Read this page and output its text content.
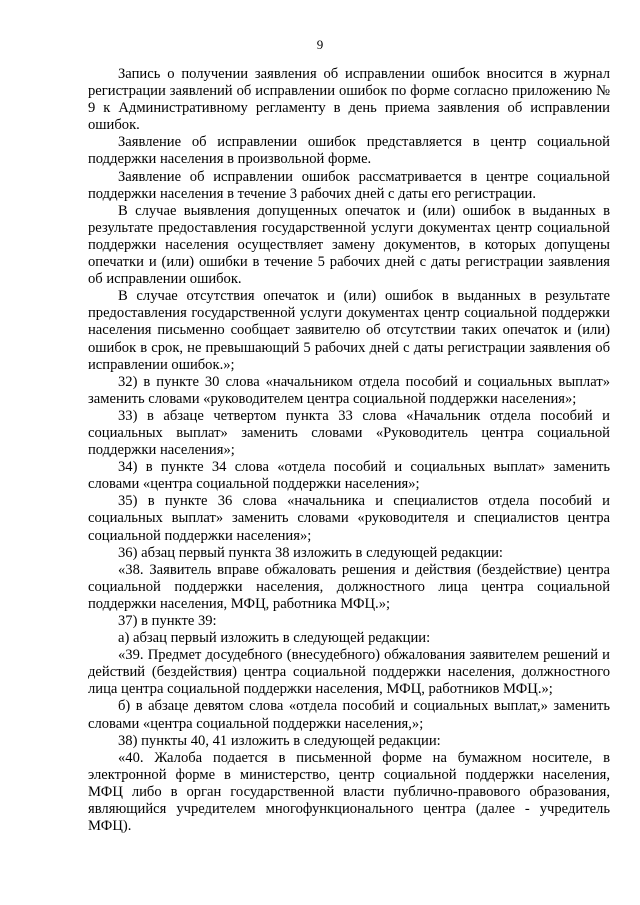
9

Запись о получении заявления об исправлении ошибок вносится в журнал регистрации заявлений об исправлении ошибок по форме согласно приложению № 9 к Административному регламенту в день приема заявления об исправлении ошибок.

Заявление об исправлении ошибок представляется в центр социальной поддержки населения в произвольной форме.

Заявление об исправлении ошибок рассматривается в центре социальной поддержки населения в течение 3 рабочих дней с даты его регистрации.

В случае выявления допущенных опечаток и (или) ошибок в выданных в результате предоставления государственной услуги документах центр социальной поддержки населения осуществляет замену документов, в которых допущены опечатки и (или) ошибки в течение 5 рабочих дней с даты регистрации заявления об исправлении ошибок.

В случае отсутствия опечаток и (или) ошибок в выданных в результате предоставления государственной услуги документах центр социальной поддержки населения письменно сообщает заявителю об отсутствии таких опечаток и (или) ошибок в срок, не превышающий 5 рабочих дней с даты регистрации заявления об исправлении ошибок.»;

32) в пункте 30 слова «начальником отдела пособий и социальных выплат» заменить словами «руководителем центра социальной поддержки населения»;

33) в абзаце четвертом пункта 33 слова «Начальник отдела пособий и социальных выплат» заменить словами «Руководитель центра социальной поддержки населения»;

34) в пункте 34 слова «отдела пособий и социальных выплат» заменить словами «центра социальной поддержки населения»;

35) в пункте 36 слова «начальника и специалистов отдела пособий и социальных выплат» заменить словами «руководителя и специалистов центра социальной поддержки населения»;

36) абзац первый пункта 38 изложить в следующей редакции:

«38. Заявитель вправе обжаловать решения и действия (бездействие) центра социальной поддержки населения, должностного лица центра социальной поддержки населения, МФЦ, работника МФЦ.»;

37) в пункте 39:

а) абзац первый изложить в следующей редакции:

«39. Предмет досудебного (внесудебного) обжалования заявителем решений и действий (бездействия) центра социальной поддержки населения, должностного лица центра социальной поддержки населения, МФЦ, работников МФЦ.»;

б) в абзаце девятом слова «отдела пособий и социальных выплат,» заменить словами «центра социальной поддержки населения,»;

38) пункты 40, 41 изложить в следующей редакции:

«40. Жалоба подается в письменной форме на бумажном носителе, в электронной форме в министерство, центр социальной поддержки населения, МФЦ либо в орган государственной власти публично-правового образования, являющийся учредителем многофункционального центра (далее - учредитель МФЦ).
